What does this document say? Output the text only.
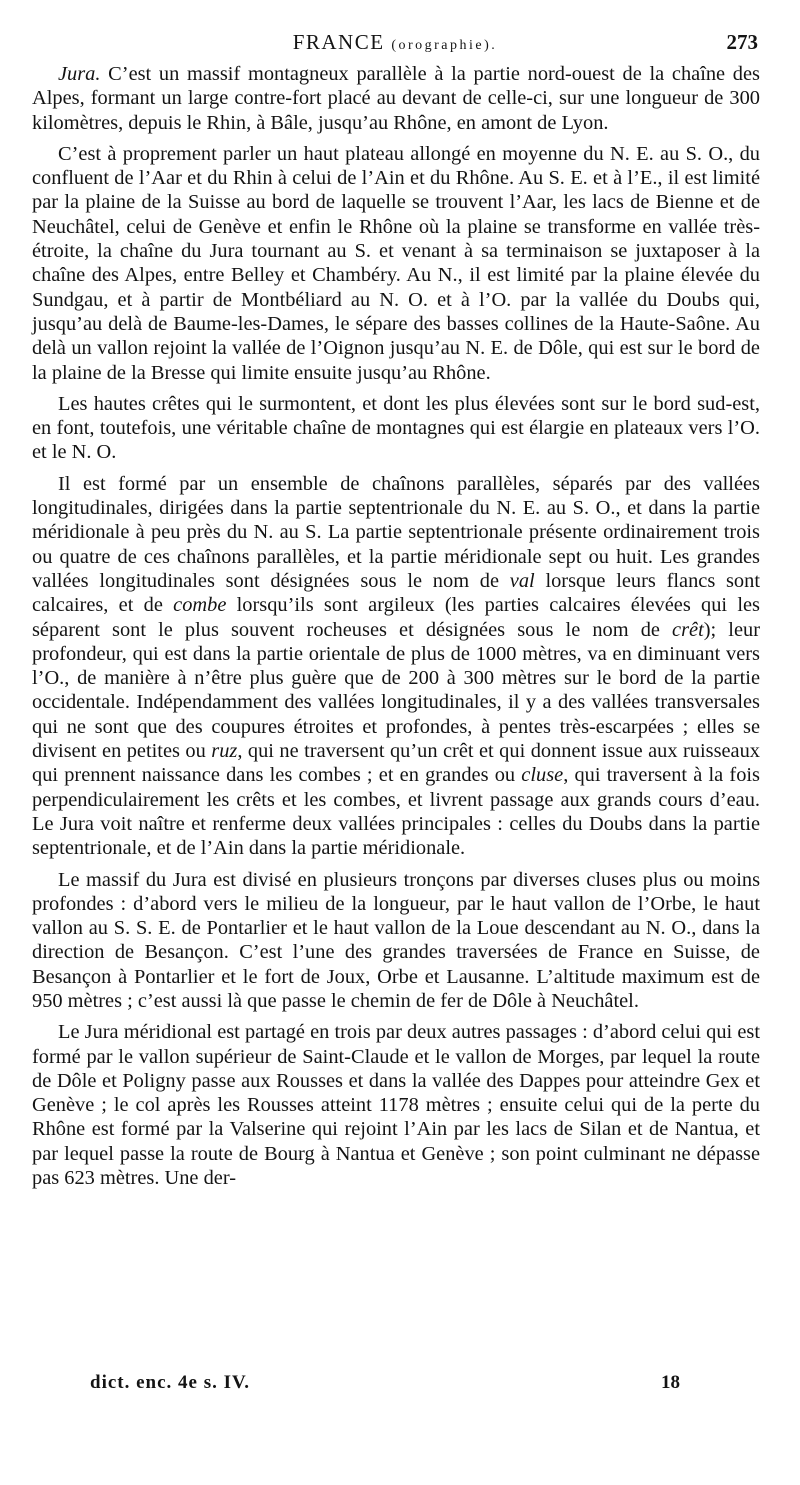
FRANCE (orographie).	273

Jura. C’est un massif montagneux parallèle à la partie nord-ouest de la chaîne des Alpes, formant un large contre-fort placé au devant de celle-ci, sur une longueur de 300 kilomètres, depuis le Rhin, à Bâle, jusqu’au Rhône, en amont de Lyon.

C’est à proprement parler un haut plateau allongé en moyenne du N. E. au S. O., du confluent de l’Aar et du Rhin à celui de l’Ain et du Rhône. Au S. E. et à l’E., il est limité par la plaine de la Suisse au bord de laquelle se trouvent l’Aar, les lacs de Bienne et de Neuchâtel, celui de Genève et enfin le Rhône où la plaine se transforme en vallée très-étroite, la chaîne du Jura tournant au S. et venant à sa terminaison se juxtaposer à la chaîne des Alpes, entre Belley et Chambéry. Au N., il est limité par la plaine élevée du Sundgau, et à partir de Montbéliard au N. O. et à l’O. par la vallée du Doubs qui, jusqu’au delà de Baume-les-Dames, le sépare des basses collines de la Haute-Saône. Au delà un vallon rejoint la vallée de l’Oignon jusqu’au N. E. de Dôle, qui est sur le bord de la plaine de la Bresse qui limite ensuite jusqu’au Rhône.

Les hautes crêtes qui le surmontent, et dont les plus élevées sont sur le bord sud-est, en font, toutefois, une véritable chaîne de montagnes qui est élargie en plateaux vers l’O. et le N. O.

Il est formé par un ensemble de chaînons parallèles, séparés par des vallées longitudinales, dirigées dans la partie septentrionale du N. E. au S. O., et dans la partie méridionale à peu près du N. au S. La partie septentrionale présente ordinairement trois ou quatre de ces chaînons parallèles, et la partie méridionale sept ou huit. Les grandes vallées longitudinales sont désignées sous le nom de val lorsque leurs flancs sont calcaires, et de combe lorsqu’ils sont argileux (les parties calcaires élevées qui les séparent sont le plus souvent rocheuses et désignées sous le nom de crêt); leur profondeur, qui est dans la partie orientale de plus de 1000 mètres, va en diminuant vers l’O., de manière à n’être plus guère que de 200 à 300 mètres sur le bord de la partie occidentale. Indépendamment des vallées longitudinales, il y a des vallées transversales qui ne sont que des coupures étroites et profondes, à pentes très-escarpées ; elles se divisent en petites ou ruz, qui ne traversent qu’un crêt et qui donnent issue aux ruisseaux qui prennent naissance dans les combes ; et en grandes ou cluse, qui traversent à la fois perpendiculairement les crêts et les combes, et livrent passage aux grands cours d’eau. Le Jura voit naître et renferme deux vallées principales : celles du Doubs dans la partie septentrionale, et de l’Ain dans la partie méridionale.

Le massif du Jura est divisé en plusieurs tronçons par diverses cluses plus ou moins profondes : d’abord vers le milieu de la longueur, par le haut vallon de l’Orbe, le haut vallon au S. S. E. de Pontarlier et le haut vallon de la Loue descendant au N. O., dans la direction de Besançon. C’est l’une des grandes traversées de France en Suisse, de Besançon à Pontarlier et le fort de Joux, Orbe et Lausanne. L’altitude maximum est de 950 mètres ; c’est aussi là que passe le chemin de fer de Dôle à Neuchâtel.

Le Jura méridional est partagé en trois par deux autres passages : d’abord celui qui est formé par le vallon supérieur de Saint-Claude et le vallon de Morges, par lequel la route de Dôle et Poligny passe aux Rousses et dans la vallée des Dappes pour atteindre Gex et Genève ; le col après les Rousses atteint 1178 mètres ; ensuite celui qui de la perte du Rhône est formé par la Valserine qui rejoint l’Ain par les lacs de Silan et de Nantua, et par lequel passe la route de Bourg à Nantua et Genève ; son point culminant ne dépasse pas 623 mètres. Une der-

dict. enc. 4e s. IV.	18
